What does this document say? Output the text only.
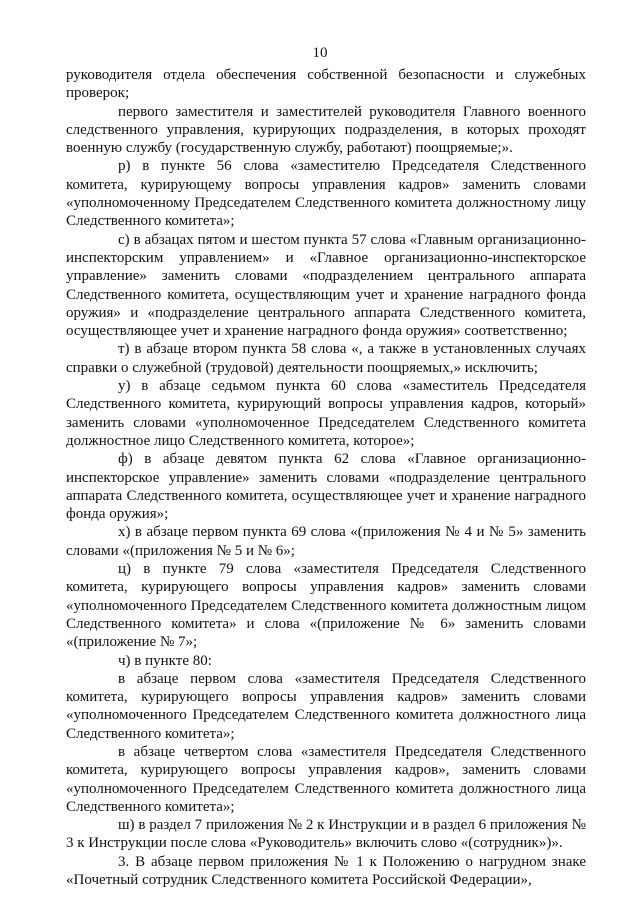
10

руководителя отдела обеспечения собственной безопасности и служебных проверок;

первого заместителя и заместителей руководителя Главного военного следственного управления, курирующих подразделения, в которых проходят военную службу (государственную службу, работают) поощряемые;».

р) в пункте 56 слова «заместителю Председателя Следственного комитета, курирующему вопросы управления кадров» заменить словами «уполномоченному Председателем Следственного комитета должностному лицу Следственного комитета»;

с) в абзацах пятом и шестом пункта 57 слова «Главным организационно-инспекторским управлением» и «Главное организационно-инспекторское управление» заменить словами «подразделением центрального аппарата Следственного комитета, осуществляющим учет и хранение наградного фонда оружия» и «подразделение центрального аппарата Следственного комитета, осуществляющее учет и хранение наградного фонда оружия» соответственно;

т) в абзаце втором пункта 58 слова «, а также в установленных случаях справки о служебной (трудовой) деятельности поощряемых,» исключить;

у) в абзаце седьмом пункта 60 слова «заместитель Председателя Следственного комитета, курирующий вопросы управления кадров, который» заменить словами «уполномоченное Председателем Следственного комитета должностное лицо Следственного комитета, которое»;

ф) в абзаце девятом пункта 62 слова «Главное организационно-инспекторское управление» заменить словами «подразделение центрального аппарата Следственного комитета, осуществляющее учет и хранение наградного фонда оружия»;

х) в абзаце первом пункта 69 слова «(приложения № 4 и № 5» заменить словами «(приложения № 5 и № 6»;

ц) в пункте 79 слова «заместителя Председателя Следственного комитета, курирующего вопросы управления кадров» заменить словами «уполномоченного Председателем Следственного комитета должностным лицом Следственного комитета» и слова «(приложение № 6» заменить словами «(приложение № 7»;

ч) в пункте 80:

в абзаце первом слова «заместителя Председателя Следственного комитета, курирующего вопросы управления кадров» заменить словами «уполномоченного Председателем Следственного комитета должностного лица Следственного комитета»;

в абзаце четвертом слова «заместителя Председателя Следственного комитета, курирующего вопросы управления кадров», заменить словами «уполномоченного Председателем Следственного комитета должностного лица Следственного комитета»;

ш) в раздел 7 приложения № 2 к Инструкции и в раздел 6 приложения № 3 к Инструкции после слова «Руководитель» включить слово «(сотрудник»)».

3. В абзаце первом приложения № 1 к Положению о нагрудном знаке «Почетный сотрудник Следственного комитета Российской Федерации»,
